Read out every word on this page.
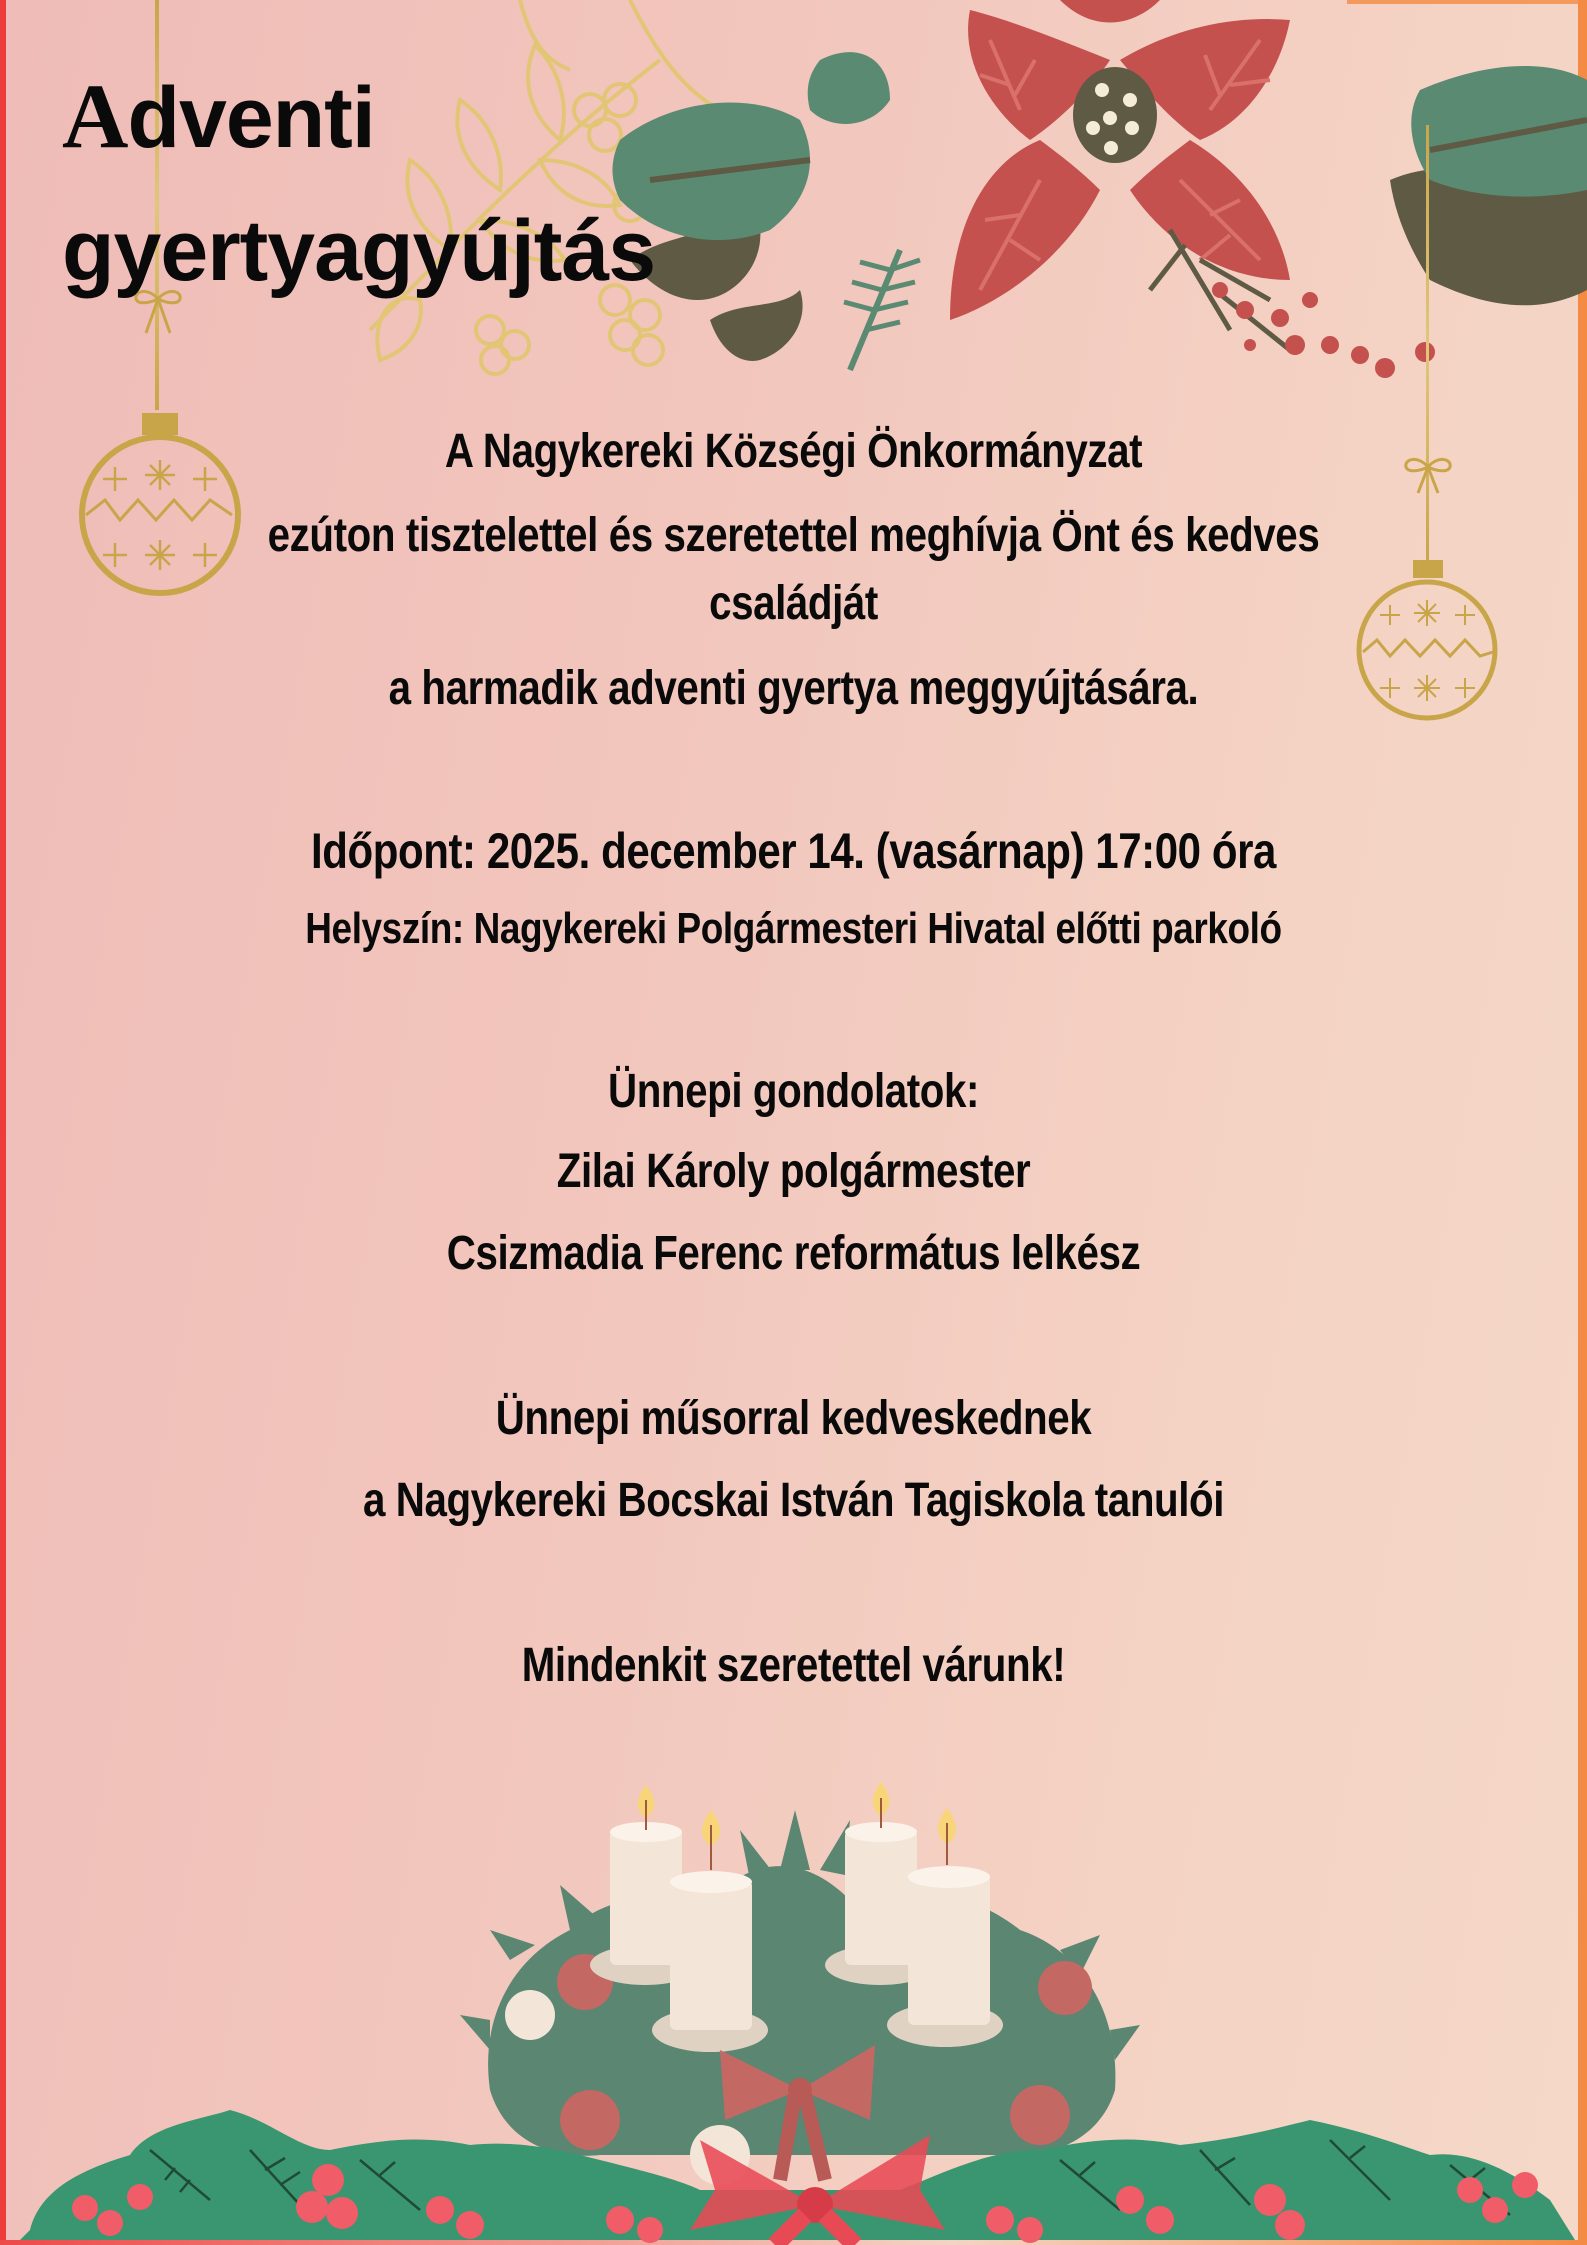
Adventi
gyertyagyújtás

A Nagykereki Községi Önkormányzat

ezúton tisztelettel és szeretettel meghívja Önt és kedves

családját

a harmadik adventi gyertya meggyújtására.

Időpont: 2025. december 14. (vasárnap) 17:00 óra

Helyszín: Nagykereki Polgármesteri Hivatal előtti parkoló

Ünnepi gondolatok:

Zilai Károly polgármester

Csizmadia Ferenc református lelkész

Ünnepi műsorral kedveskednek

a Nagykereki Bocskai István Tagiskola tanulói

Mindenkit szeretettel várunk!
